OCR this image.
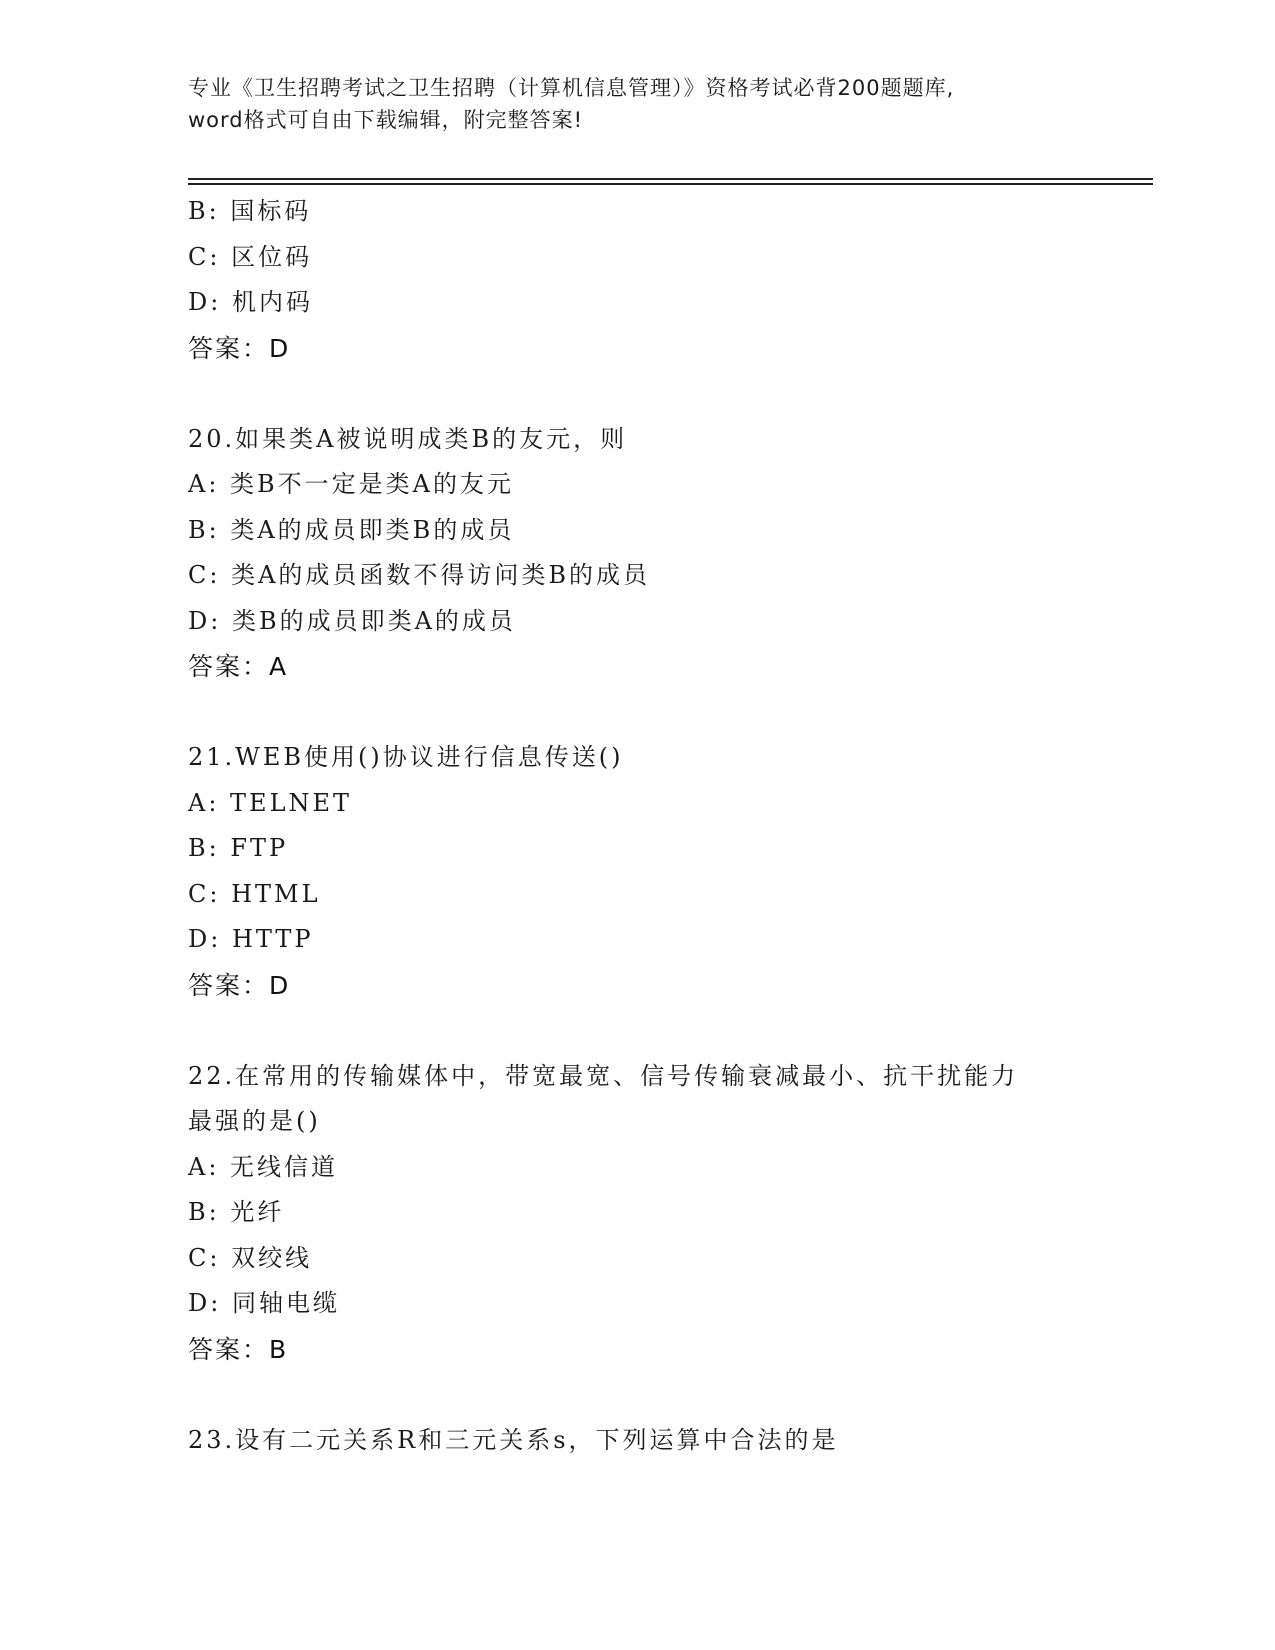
专业《卫生招聘考试之卫生招聘（计算机信息管理）》资格考试必背200题题库,
word格式可自由下载编辑，附完整答案!
B: 国标码
C: 区位码
D: 机内码
答案：D
20.如果类A被说明成类B的友元，则
A: 类B不一定是类A的友元
B: 类A的成员即类B的成员
C: 类A的成员函数不得访问类B的成员
D: 类B的成员即类A的成员
答案：A
21.WEB使用()协议进行信息传送()
A: TELNET
B: FTP
C: HTML
D: HTTP
答案：D
22.在常用的传输媒体中，带宽最宽、信号传输衰减最小、抗干扰能力
最强的是()
A: 无线信道
B: 光纤
C: 双绞线
D: 同轴电缆
答案：B
23.设有二元关系R和三元关系s，下列运算中合法的是
